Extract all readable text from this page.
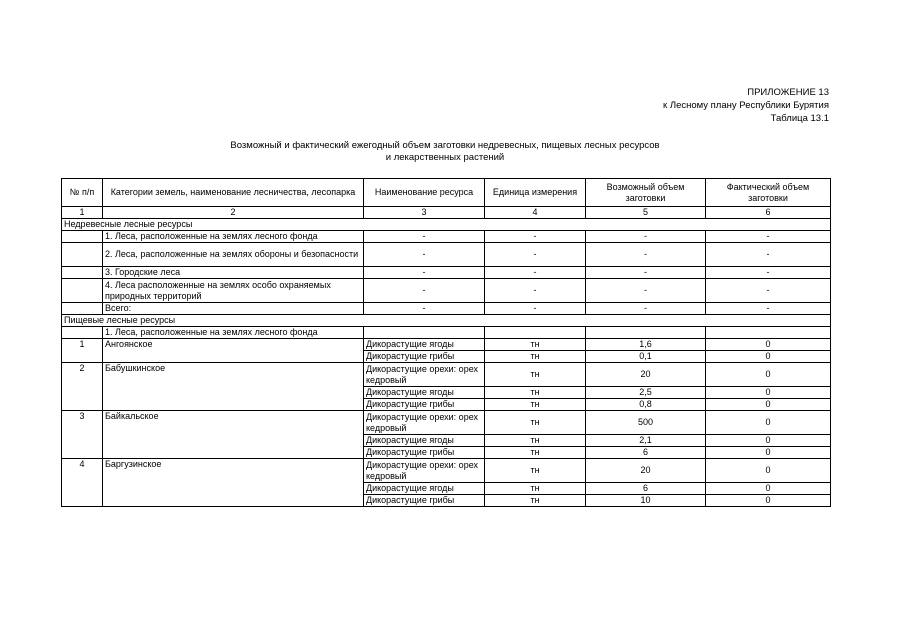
ПРИЛОЖЕНИЕ 13
к Лесному плану Республики Бурятия
Таблица 13.1
Возможный и фактический ежегодный объем заготовки недревесных, пищевых лесных ресурсов
и лекарственных растений
№ п/п	Категории земель, наименование лесничества, лесопарка	Наименование ресурса	Единица измерения	Возможный объем заготовки	Фактический объем заготовки
1	2	3	4	5	6
Недревесные лесные ресурсы					
	1. Леса, расположенные на землях лесного фонда	-	-	-	-
	2. Леса, расположенные на землях обороны и безопасности	-	-	-	-
	3. Городские леса	-	-	-	-
	4. Леса расположенные на землях особо охраняемых природных территорий	-	-	-	-
	Всего:	-	-	-	-
Пищевые лесные ресурсы					
	1. Леса, расположенные на землях лесного фонда				
1	Ангоянское	Дикорастущие ягоды	тн	1,6	0
		Дикорастущие грибы	тн	0,1	0
2	Бабушкинское	Дикорастущие орехи: орех кедровый	тн	20	0
		Дикорастущие ягоды	тн	2,5	0
		Дикорастущие грибы	тн	0,8	0
3	Байкальское	Дикорастущие орехи: орех кедровый	тн	500	0
		Дикорастущие ягоды	тн	2,1	0
		Дикорастущие грибы	тн	6	0
4	Баргузинское	Дикорастущие орехи: орех кедровый	тн	20	0
		Дикорастущие ягоды	тн	6	0
		Дикорастущие грибы	тн	10	0
